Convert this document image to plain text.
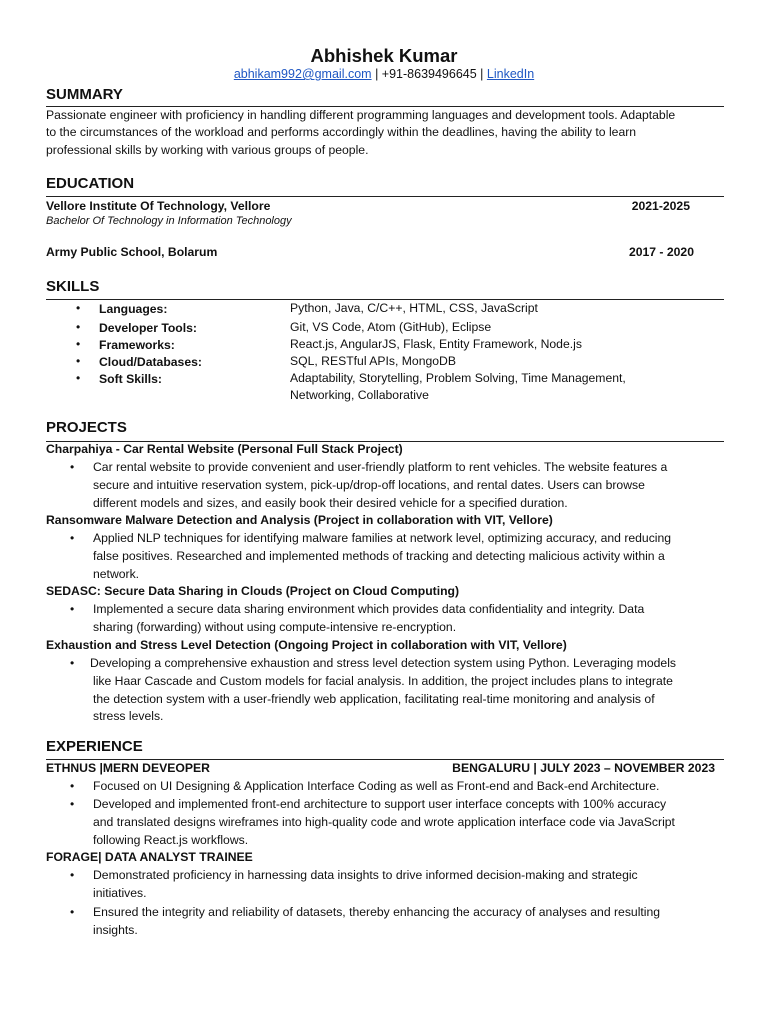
Abhishek Kumar
abhikam992@gmail.com | +91-8639496645 | LinkedIn
SUMMARY
Passionate engineer with proficiency in handling different programming languages and development tools. Adaptable
to the circumstances of the workload and performs accordingly within the deadlines, having the ability to learn
professional skills by working with various groups of people.
EDUCATION
Vellore Institute Of Technology, Vellore	2021-2025
Bachelor Of Technology in Information Technology
Army Public School, Bolarum	2017 - 2020
SKILLS
• Languages:	Python, Java, C/C++, HTML, CSS, JavaScript
• Developer Tools:	Git, VS Code, Atom (GitHub), Eclipse
• Frameworks:	React.js, AngularJS, Flask, Entity Framework, Node.js
• Cloud/Databases:	SQL, RESTful APIs, MongoDB
• Soft Skills:	Adaptability, Storytelling, Problem Solving, Time Management,
Networking, Collaborative
PROJECTS
Charpahiya - Car Rental Website (Personal Full Stack Project)
• Car rental website to provide convenient and user-friendly platform to rent vehicles. The website features a
secure and intuitive reservation system, pick-up/drop-off locations, and rental dates. Users can browse
different models and sizes, and easily book their desired vehicle for a specified duration.
Ransomware Malware Detection and Analysis (Project in collaboration with VIT, Vellore)
• Applied NLP techniques for identifying malware families at network level, optimizing accuracy, and reducing
false positives. Researched and implemented methods of tracking and detecting malicious activity within a
network.
SEDASC: Secure Data Sharing in Clouds (Project on Cloud Computing)
• Implemented a secure data sharing environment which provides data confidentiality and integrity. Data
sharing (forwarding) without using compute-intensive re-encryption.
Exhaustion and Stress Level Detection (Ongoing Project in collaboration with VIT, Vellore)
• Developing a comprehensive exhaustion and stress level detection system using Python. Leveraging models
like Haar Cascade and Custom models for facial analysis. In addition, the project includes plans to integrate
the detection system with a user-friendly web application, facilitating real-time monitoring and analysis of
stress levels.
EXPERIENCE
ETHNUS |MERN DEVEOPER	BENGALURU | JULY 2023 – NOVEMBER 2023
• Focused on UI Designing & Application Interface Coding as well as Front-end and Back-end Architecture.
• Developed and implemented front-end architecture to support user interface concepts with 100% accuracy
and translated designs wireframes into high-quality code and wrote application interface code via JavaScript
following React.js workflows.
FORAGE| DATA ANALYST TRAINEE
• Demonstrated proficiency in harnessing data insights to drive informed decision-making and strategic
initiatives.
• Ensured the integrity and reliability of datasets, thereby enhancing the accuracy of analyses and resulting
insights.
